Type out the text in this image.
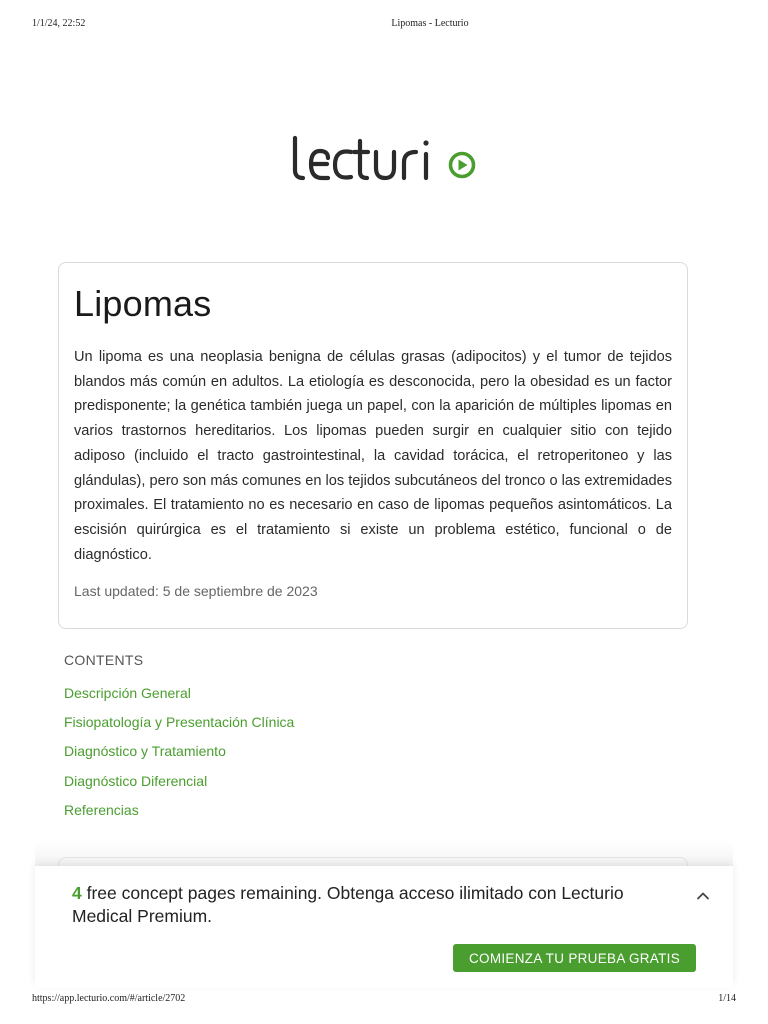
1/1/24, 22:52	Lipomas - Lecturio
Lipomas

Un lipoma es una neoplasia benigna de células grasas (adipocitos) y el tumor de tejidos blandos más común en adultos. La etiología es desconocida, pero la obesidad es un factor predisponente; la genética también juega un papel, con la aparición de múltiples lipomas en varios trastornos hereditarios. Los lipomas pueden surgir en cualquier sitio con tejido adiposo (incluido el tracto gastrointestinal, la cavidad torácica, el retroperitoneo y las glándulas), pero son más comunes en los tejidos subcutáneos del tronco o las extremidades proximales. El tratamiento no es necesario en caso de lipomas pequeños asintomáticos. La escisión quirúrgica es el tratamiento si existe un problema estético, funcional o de diagnóstico.

Last updated: 5 de septiembre de 2023
CONTENTS
Descripción General
Fisiopatología y Presentación Clínica
Diagnóstico y Tratamiento
Diagnóstico Diferencial
Referencias
4 free concept pages remaining. Obtenga acceso ilimitado con Lecturio Medical Premium.
COMIENZA TU PRUEBA GRATIS
https://app.lecturio.com/#/article/2702	1/14
